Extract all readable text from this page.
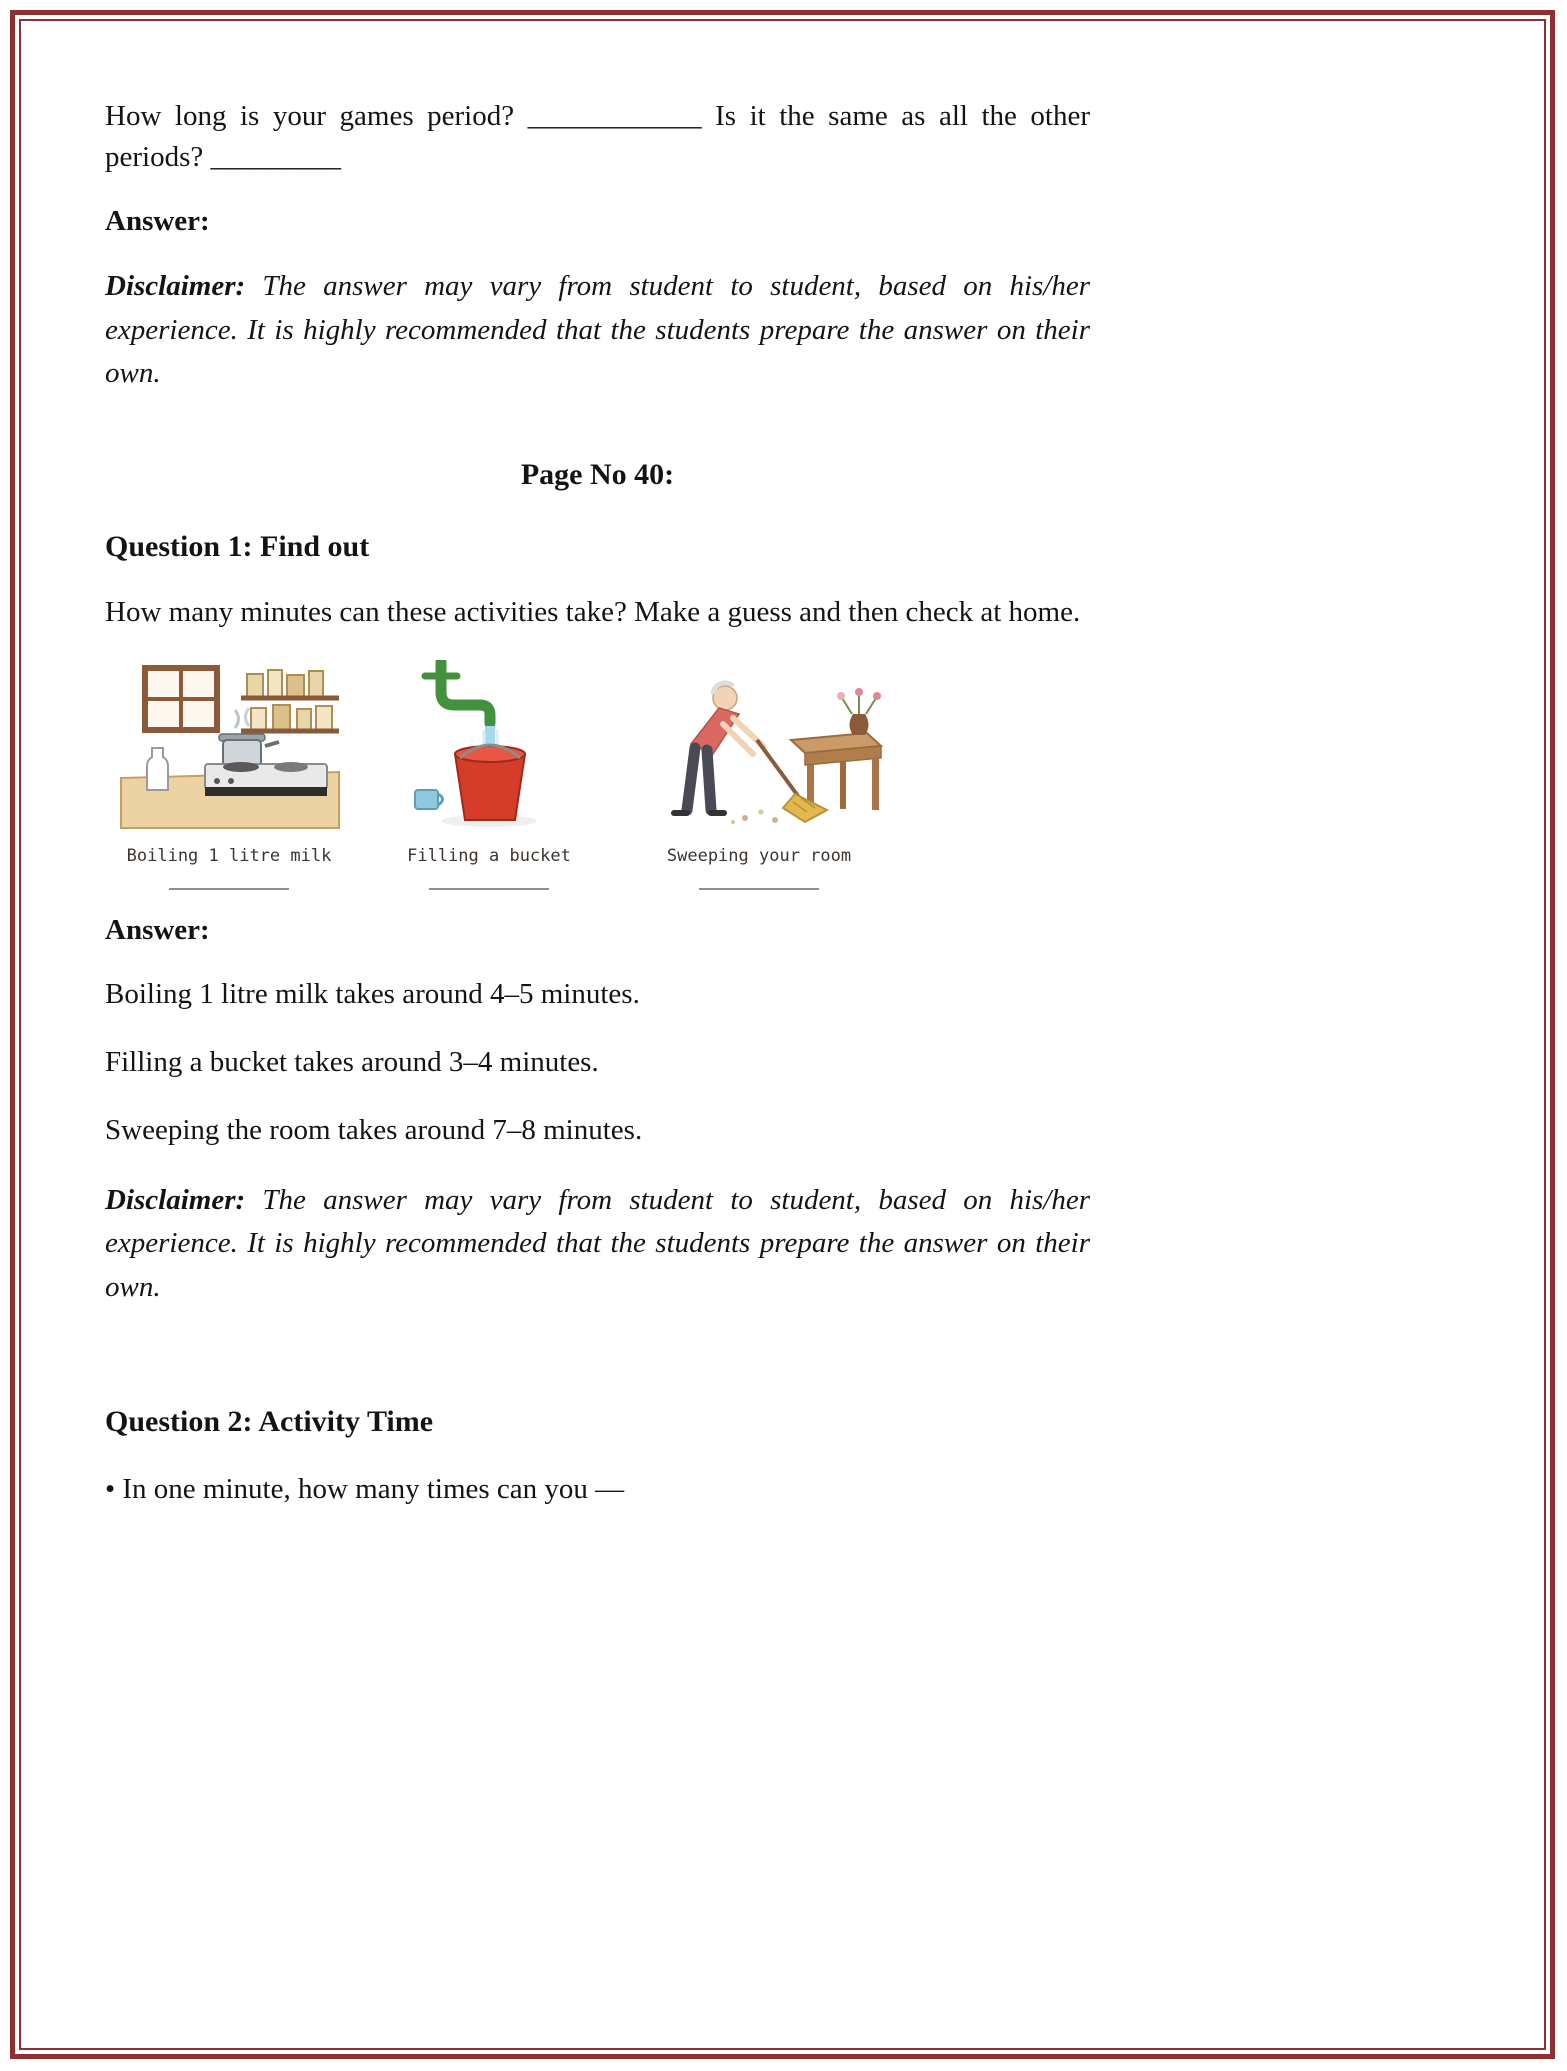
How long is your games period? ____________ Is it the same as all the other periods? _________

Answer:

Disclaimer: The answer may vary from student to student, based on his/her experience. It is highly recommended that the students prepare the answer on their own.

Page No 40:
Question 1: Find out

How many minutes can these activities take? Make a guess and then check at home.

Boiling 1 litre milk	Filling a bucket	Sweeping your room

Answer:

Boiling 1 litre milk takes around 4–5 minutes.

Filling a bucket takes around 3–4 minutes.

Sweeping the room takes around 7–8 minutes.

Disclaimer: The answer may vary from student to student, based on his/her experience. It is highly recommended that the students prepare the answer on their own.

Question 2: Activity Time

• In one minute, how many times can you —
